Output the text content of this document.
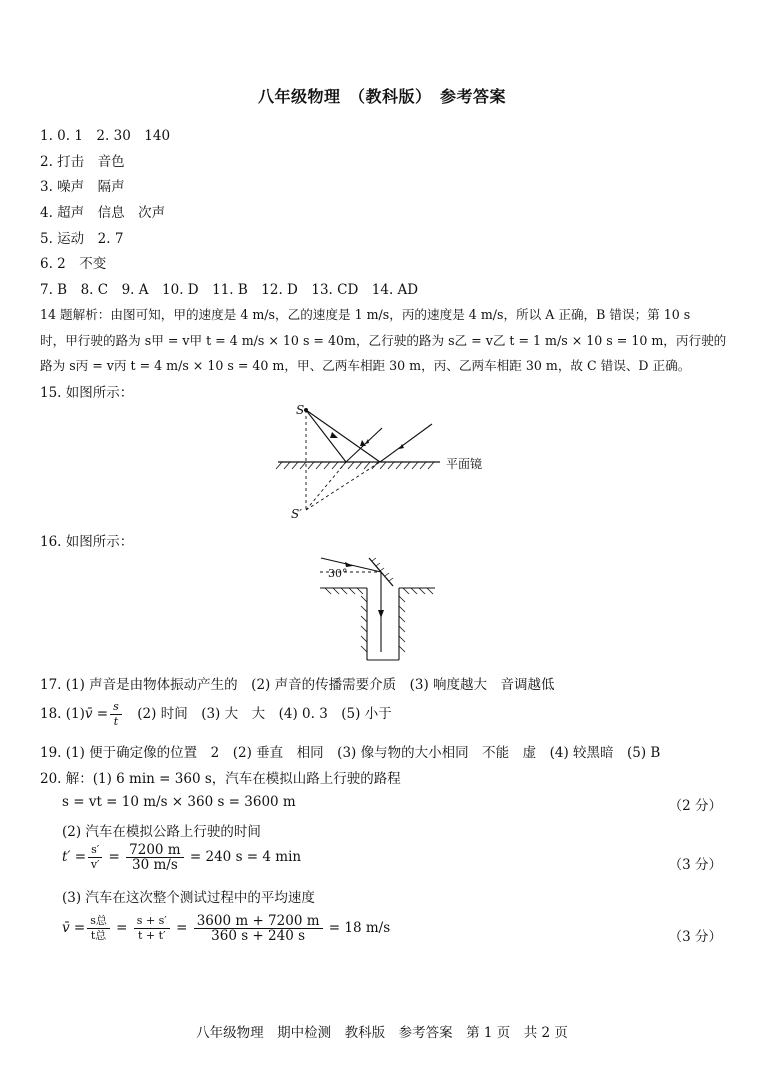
八年级物理　（教科版）　参考答案
1. 0. 1　2. 30　140
2. 打击　音色
3. 噪声　隔声
4. 超声　信息　次声
5. 运动　2. 7
6. 2　不变
7. B　8. C　9. A　10. D　11. B　12. D　13. CD　14. AD
14 题解析：由图可知，甲的速度是 4 m/s，乙的速度是 1 m/s，丙的速度是 4 m/s，所以 A 正确，B 错误；第 10 s
时，甲行驶的路为 s甲 = v甲 t = 4 m/s × 10 s = 40m，乙行驶的路为 s乙 = v乙 t = 1 m/s × 10 s = 10 m，丙行驶的
路为 s丙 = v丙 t = 4 m/s × 10 s = 40 m，甲、乙两车相距 30 m，丙、乙两车相距 30 m，故 C 错误、D 正确。
15. 如图所示：
S
S′
平面镜
16. 如图所示：
30°
17. (1) 声音是由物体振动产生的　(2) 声音的传播需要介质　(3) 响度越大　音调越低
18. (1)v̄ = $\frac{s}{t}$ 　(2) 时间　(3) 大　大　(4) 0. 3　(5) 小于
19. (1) 便于确定像的位置　2　(2) 垂直　相同　(3) 像与物的大小相同　不能　虚　(4) 较黑暗　(5) B
20. 解：(1) 6 min = 360 s，汽车在模拟山路上行驶的路程
s = vt = 10 m/s × 360 s = 3600 m	（2 分）
(2) 汽车在模拟公路上行驶的时间
$t' = \frac{s'}{v'} = \frac{7200 m}{30 m/s} = 240$ s = 4 min	（3 分）
(3) 汽车在这次整个测试过程中的平均速度
v̄ = $\frac{\text{s总}}{\text{t总}} = \frac{s + s'}{t + t'} = \frac{3600 m + 7200 m}{360 s + 240 s} = 18$ m/s
（3 分）
八年级物理　期中检测　教科版　参考答案　第 1 页　共 2 页
